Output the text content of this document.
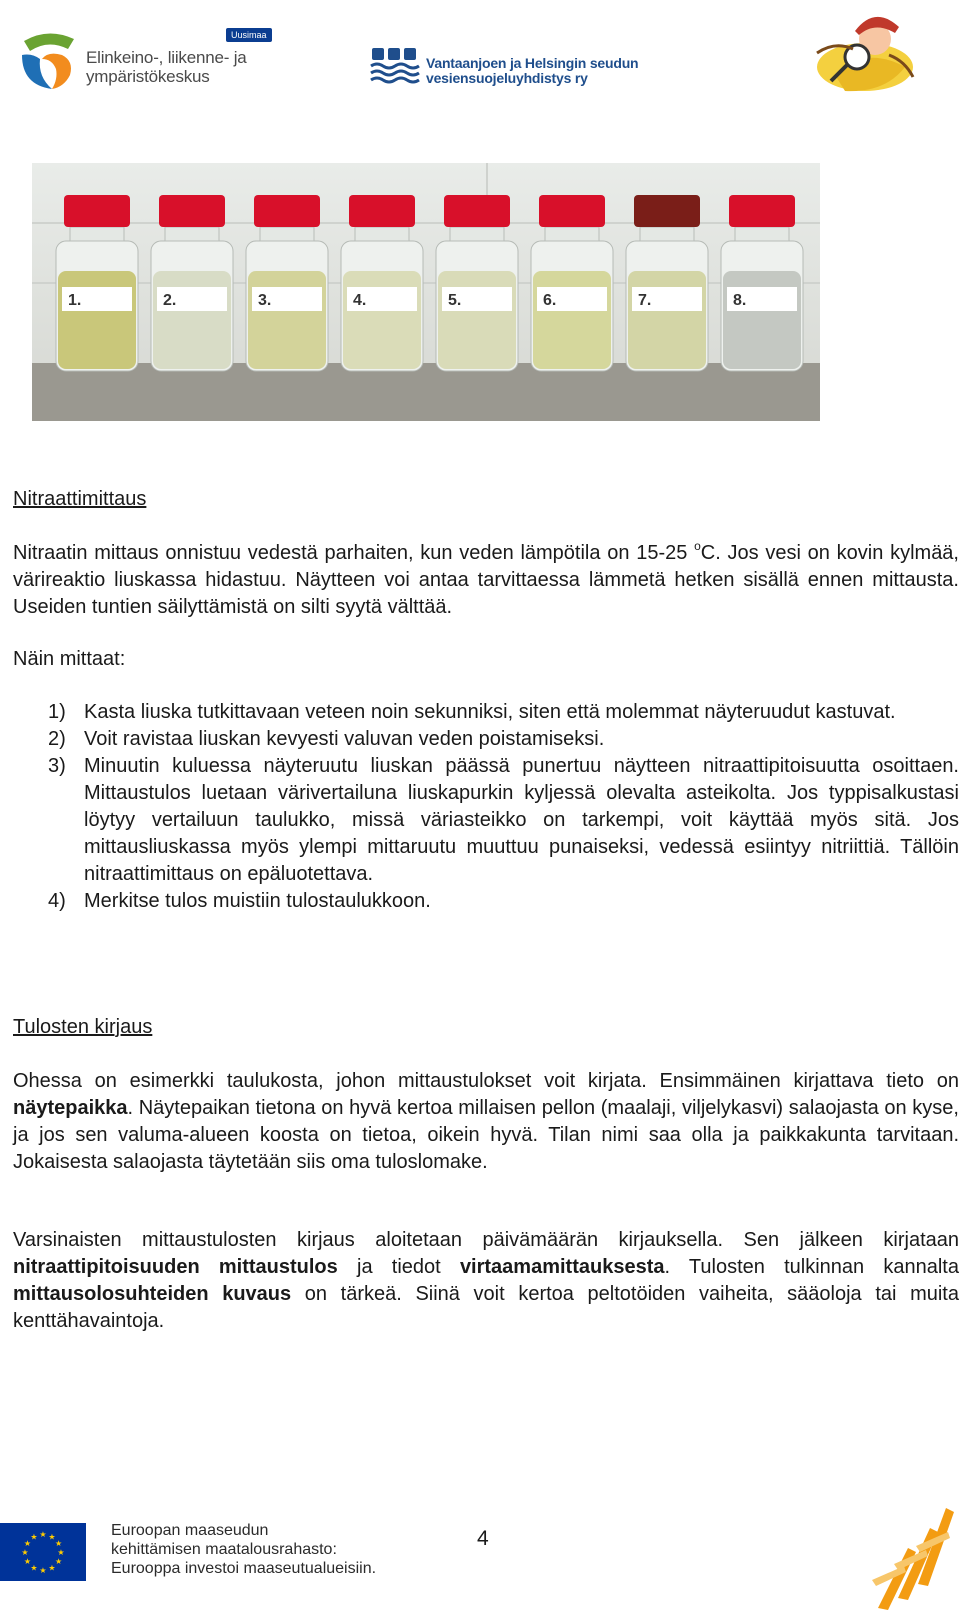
Uusimaa
Elinkeino-, liikenne- ja
ympäristökeskus
Vantaanjoen ja Helsingin seudun
vesiensuojeluyhdistys ry
1.	2.	3.	4.	5.	6.	7.	8.
Nitraattimittaus
Nitraatin mittaus onnistuu vedestä parhaiten, kun veden lämpötila on 15-25 $^o$C. Jos vesi on kovin kylmää, värireaktio liuskassa hidastuu. Näytteen voi antaa tarvittaessa lämmetä hetken sisällä ennen mittausta. Useiden tuntien säilyttämistä on silti syytä välttää.
Näin mittaat:
1) Kasta liuska tutkittavaan veteen noin sekunniksi, siten että molemmat näyteruudut kastuvat.
2) Voit ravistaa liuskan kevyesti valuvan veden poistamiseksi.
3) Minuutin kuluessa näyteruutu liuskan päässä punertuu näytteen nitraattipitoisuutta osoittaen. Mittaustulos luetaan värivertailuna liuskapurkin kyljessä olevalta asteikolta. Jos typpisalkustasi löytyy vertailuun taulukko, missä väriasteikko on tarkempi, voit käyttää myös sitä. Jos mittausliuskassa myös ylempi mittaruutu muuttuu punaiseksi, vedessä esiintyy nitriittiä. Tällöin nitraattimittaus on epäluotettava.
4) Merkitse tulos muistiin tulostaulukkoon.
Tulosten kirjaus
Ohessa on esimerkki taulukosta, johon mittaustulokset voit kirjata. Ensimmäinen kirjattava tieto on näytepaikka. Näytepaikan tietona on hyvä kertoa millaisen pellon (maalaji, viljelykasvi) salaojasta on kyse, ja jos sen valuma-alueen koosta on tietoa, oikein hyvä. Tilan nimi saa olla ja paikkakunta tarvitaan. Jokaisesta salaojasta täytetään siis oma tuloslomake.
Varsinaisten mittaustulosten kirjaus aloitetaan päivämäärän kirjauksella. Sen jälkeen kirjataan nitraattipitoisuuden mittaustulos ja tiedot virtaamamittauksesta. Tulosten tulkinnan kannalta mittausolosuhteiden kuvaus on tärkeä. Siinä voit kertoa peltotöiden vaiheita, sääoloja tai muita kenttähavaintoja.
★
★
★
★
★
★
★
★
★ ★ ★
★
Euroopan maaseudun
kehittämisen maatalousrahasto:
Eurooppa investoi maaseutualueisiin.
4
